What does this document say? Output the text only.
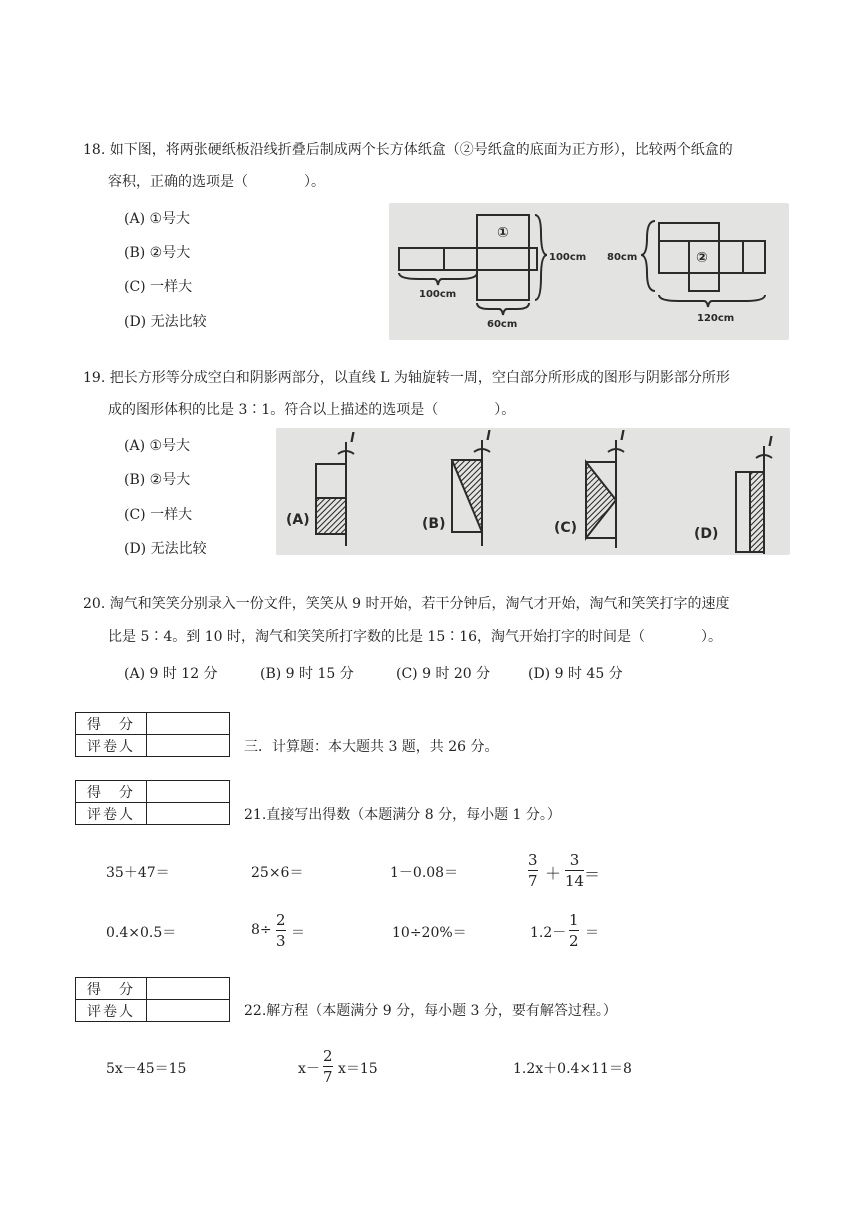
18. 如下图，将两张硬纸板沿线折叠后制成两个长方体纸盒（②号纸盒的底面为正方形），比较两个纸盒的
容积，正确的选项是（　　　　）。
(A) ①号大
(B) ②号大
(C) 一样大
(D) 无法比较
①
②
100cm
60cm
100cm 80cm
120cm
19. 把长方形等分成空白和阴影两部分，以直线 L 为轴旋转一周，空白部分所形成的图形与阴影部分所形
成的图形体积的比是 3∶1。符合以上描述的选项是（　　　　）。
(A) ①号大
(B) ②号大
(C) 一样大
(D) 无法比较
(A)	(B)	(C)	(D)
l	l	l	l
20. 淘气和笑笑分别录入一份文件，笑笑从 9 时开始，若干分钟后，淘气才开始，淘气和笑笑打字的速度
比是 5∶4。到 10 时，淘气和笑笑所打字数的比是 15∶16，淘气开始打字的时间是（　　　　）。
(A) 9 时 12 分	(B) 9 时 15 分	(C) 9 时 20 分	(D) 9 时 45 分
得　分	
评卷人		三．计算题：本大题共 3 题，共 26 分。
得　分	
评卷人		21.直接写出得数（本题满分 8 分，每小题 1 分。）
35＋47＝	25×6＝	1－0.08＝
3
7 ＋
3
14 ＝
0.4×0.5＝	8÷
2
3 ＝	10÷20%＝	1.2－
1
2 ＝
得　分	
评卷人		22.解方程（本题满分 9 分，每小题 3 分，要有解答过程。）
5x－45＝15	x－
2
7 x＝15	1.2x＋0.4×11＝8
